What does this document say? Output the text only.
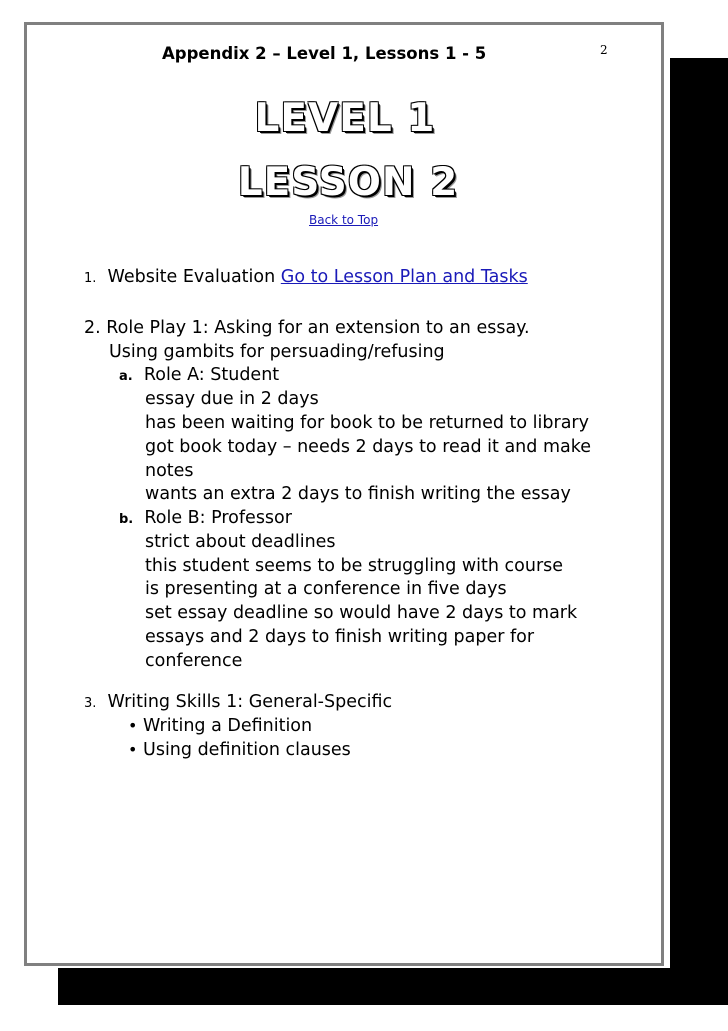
Appendix 2 – Level 1, Lessons 1 - 5	2
LEVEL 1
LESSON 2
Back to Top
1. Website Evaluation Go to Lesson Plan and Tasks
2. Role Play 1: Asking for an extension to an essay.
Using gambits for persuading/refusing
a. Role A: Student
essay due in 2 days
has been waiting for book to be returned to library
got book today – needs 2 days to read it and make
notes
wants an extra 2 days to finish writing the essay
b. Role B: Professor
strict about deadlines
this student seems to be struggling with course
is presenting at a conference in five days
set essay deadline so would have 2 days to mark
essays and 2 days to finish writing paper for
conference
3. Writing Skills 1: General-Specific
• Writing a Definition
• Using definition clauses
